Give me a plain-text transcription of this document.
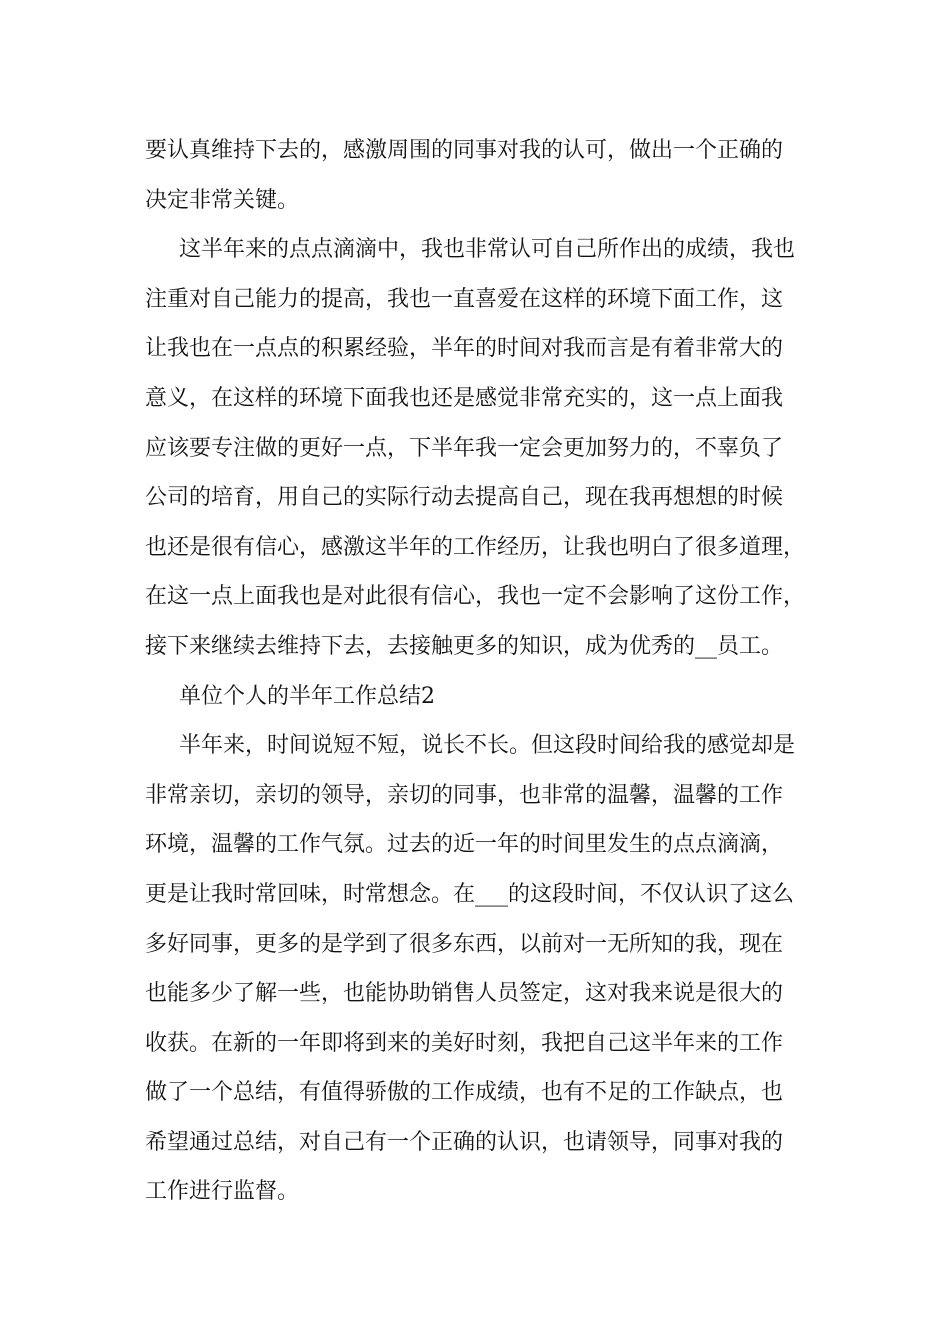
要认真维持下去的，感激周围的同事对我的认可，做出一个正确的
决定非常关键。
这半年来的点点滴滴中，我也非常认可自己所作出的成绩，我也
注重对自己能力的提高，我也一直喜爱在这样的环境下面工作，这
让我也在一点点的积累经验，半年的时间对我而言是有着非常大的
意义，在这样的环境下面我也还是感觉非常充实的，这一点上面我
应该要专注做的更好一点，下半年我一定会更加努力的，不辜负了
公司的培育，用自己的实际行动去提高自己，现在我再想想的时候
也还是很有信心，感激这半年的工作经历，让我也明白了很多道理，
在这一点上面我也是对此很有信心，我也一定不会影响了这份工作，
接下来继续去维持下去，去接触更多的知识，成为优秀的__员工。
单位个人的半年工作总结2
半年来，时间说短不短，说长不长。但这段时间给我的感觉却是
非常亲切，亲切的领导，亲切的同事，也非常的温馨，温馨的工作
环境，温馨的工作气氛。过去的近一年的时间里发生的点点滴滴，
更是让我时常回味，时常想念。在___的这段时间，不仅认识了这么
多好同事，更多的是学到了很多东西，以前对一无所知的我，现在
也能多少了解一些，也能协助销售人员签定，这对我来说是很大的
收获。在新的一年即将到来的美好时刻，我把自己这半年来的工作
做了一个总结，有值得骄傲的工作成绩，也有不足的工作缺点，也
希望通过总结，对自己有一个正确的认识，也请领导，同事对我的
工作进行监督。
